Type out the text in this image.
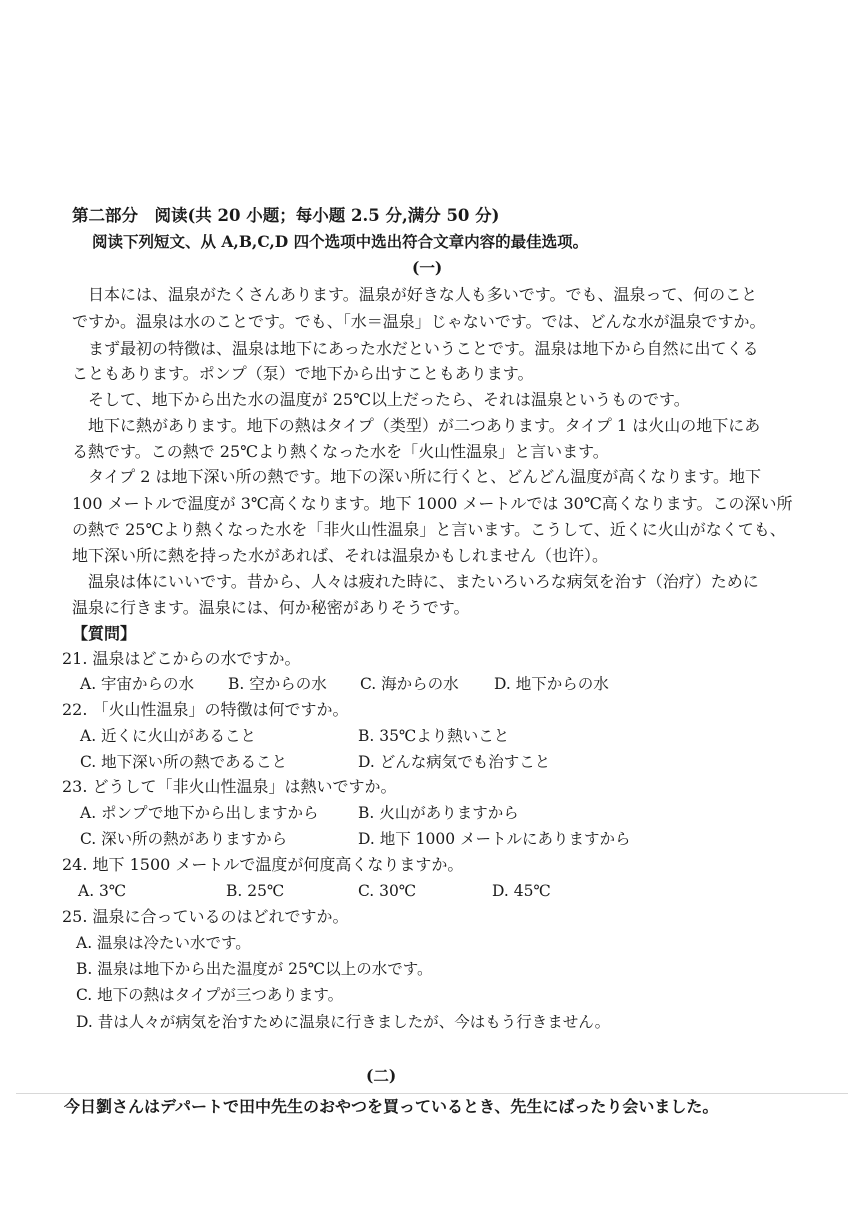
第二部分　阅读(共 20 小题；每小题 2.5 分,满分 50 分)
阅读下列短文、从 A,B,C,D 四个选项中选出符合文章内容的最佳选项。
(一)
日本には、温泉がたくさんあります。温泉が好きな人も多いです。でも、温泉って、何のこと
ですか。温泉は水のことです。でも、「水＝温泉」じゃないです。では、どんな水が温泉ですか。
まず最初の特徴は、温泉は地下にあった水だということです。温泉は地下から自然に出てくる
こともあります。ポンプ（泵）で地下から出すこともあります。
そして、地下から出た水の温度が 25℃以上だったら、それは温泉というものです。
地下に熱があります。地下の熱はタイプ（类型）が二つあります。タイプ 1 は火山の地下にあ
る熱です。この熱で 25℃より熱くなった水を「火山性温泉」と言います。
タイプ 2 は地下深い所の熱です。地下の深い所に行くと、どんどん温度が高くなります。地下
100 メートルで温度が 3℃高くなります。地下 1000 メートルでは 30℃高くなります。この深い所
の熱で 25℃より熱くなった水を「非火山性温泉」と言います。こうして、近くに火山がなくても、
地下深い所に熱を持った水があれば、それは温泉かもしれません（也许）。
温泉は体にいいです。昔から、人々は疲れた時に、またいろいろな病気を治す（治疗）ために
温泉に行きます。温泉には、何か秘密がありそうです。
【質問】
21. 温泉はどこからの水ですか。
A. 宇宙からの水 B. 空からの水 C. 海からの水 D. 地下からの水
22. 「火山性温泉」の特徴は何ですか。
A. 近くに火山があること	B. 35℃より熱いこと
C. 地下深い所の熱であること	D. どんな病気でも治すこと
23. どうして「非火山性温泉」は熱いですか。
A. ポンプで地下から出しますから	B. 火山がありますから
C. 深い所の熱がありますから	D. 地下 1000 メートルにありますから
24. 地下 1500 メートルで温度が何度高くなりますか。
A. 3℃	B. 25℃	C. 30℃	D. 45℃
25. 温泉に合っているのはどれですか。
A. 温泉は冷たい水です。
B. 温泉は地下から出た温度が 25℃以上の水です。
C. 地下の熱はタイプが三つあります。
D. 昔は人々が病気を治すために温泉に行きましたが、今はもう行きません。
(二)
今日劉さんはデパートで田中先生のおやつを買っているとき、先生にばったり会いました。
